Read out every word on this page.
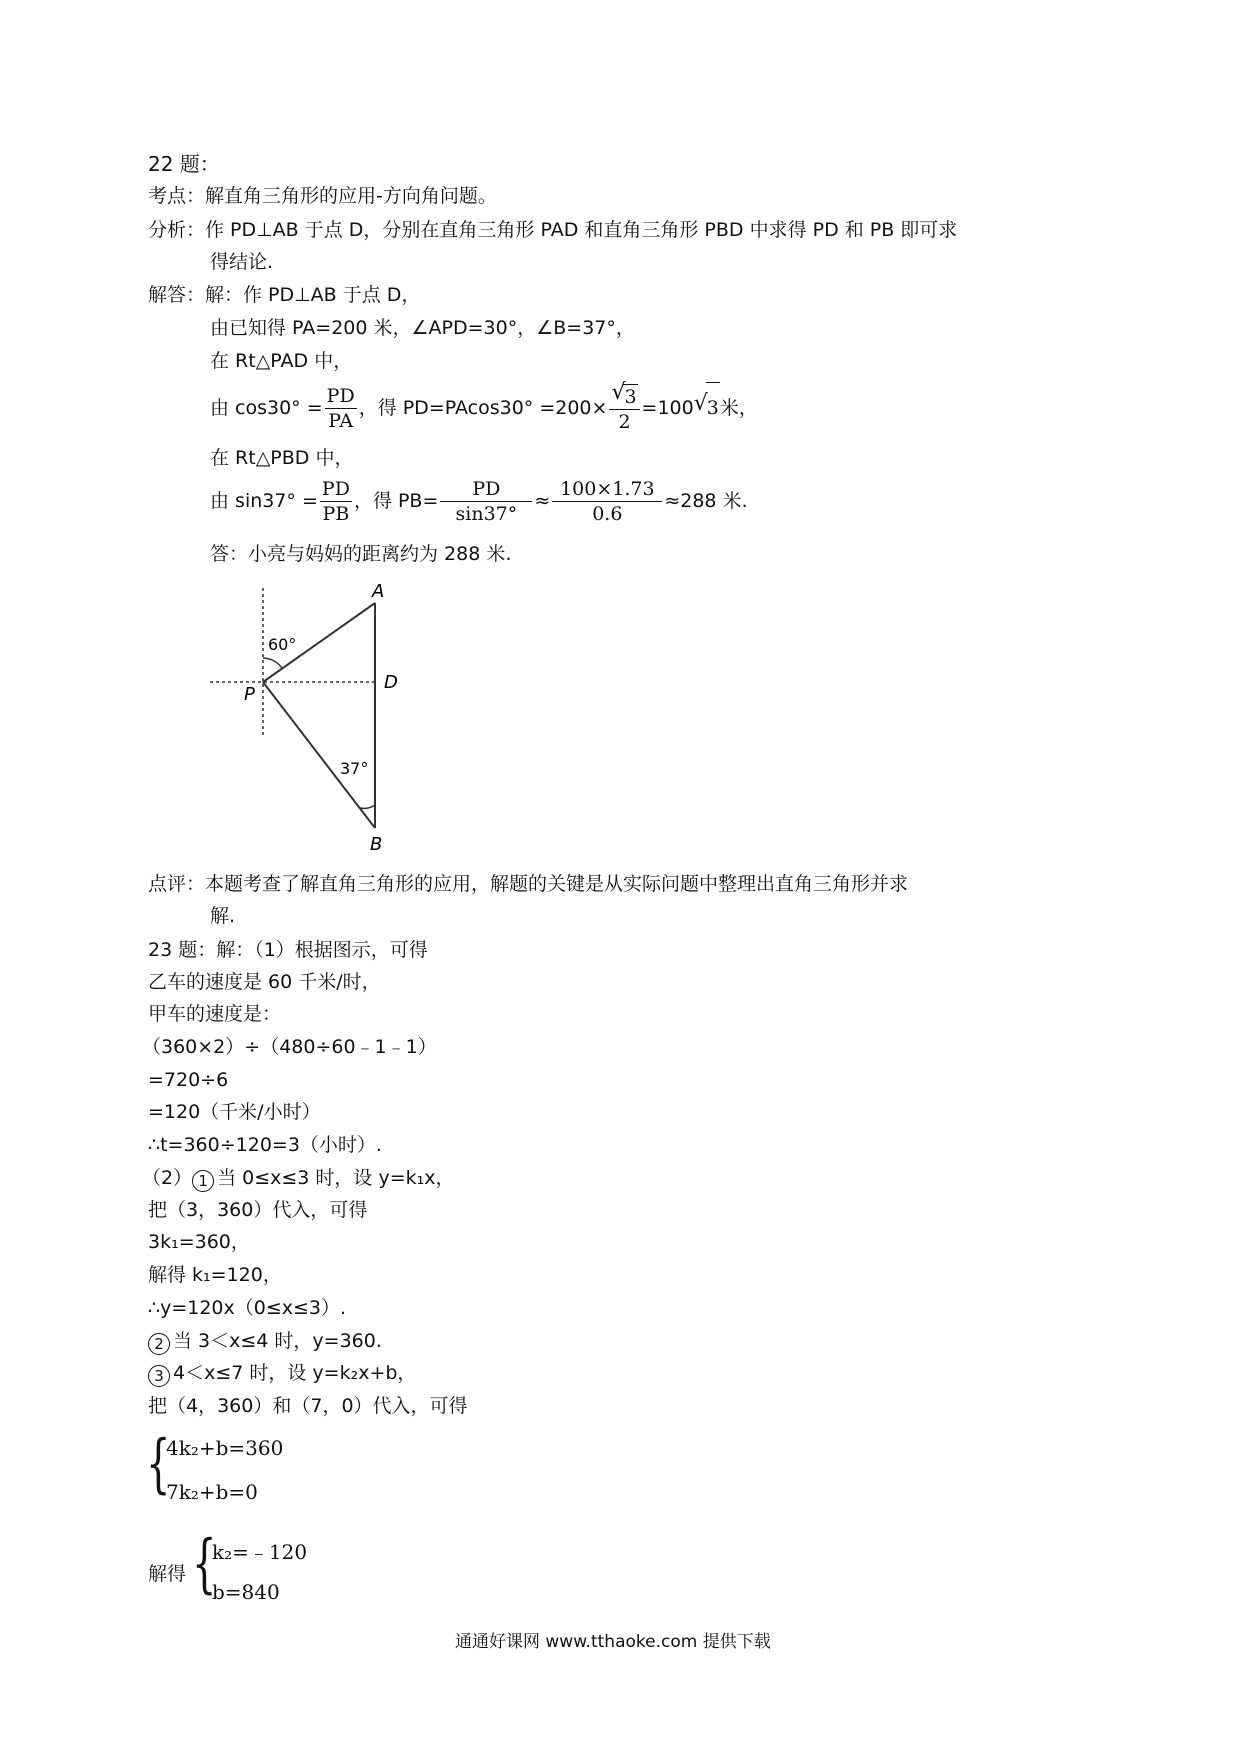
22 题：
考点：解直角三角形的应用-方向角问题。
分析：作 PD⊥AB 于点 D，分别在直角三角形 PAD 和直角三角形 PBD 中求得 PD 和 PB 即可求
得结论.
解答：解：作 PD⊥AB 于点 D，
由已知得 PA=200 米，∠APD=30°，∠B=37°，
在 Rt△PAD 中，
由 $\cos 30^\circ = \frac{PD}{PA}$ ，得 PD=PAcos30° =200× √
3
2 =100 √
3米，
在 Rt△PBD 中，
由 $\sin 37^\circ = \frac{PD}{PB}$ ，得 $PB= \frac{PD}{\sin 37^\circ} \approx \frac{100\times 1.73}{0.6} \approx 288$ 米.
答：小亮与妈妈的距离约为 288 米.
A
D
P
B
60°
37°
点评：本题考查了解直角三角形的应用，解题的关键是从实际问题中整理出直角三角形并求
解.
23 题：解：（1）根据图示，可得
乙车的速度是 60 千米/时，
甲车的速度是：
（360×2）÷（480÷60﹣1﹣1）
=720÷6
=120（千米/小时）
∴t=360÷120=3（小时）.
（2） 1 当 0≤x≤3 时，设 y=k₁x，
把（3，360）代入，可得
3k₁=360，
解得 k₁=120，
∴y=120x（0≤x≤3）.
2 当 3＜x≤4 时，y=360.
3 4＜x≤7 时，设 y=k₂x+b，
把（4，360）和（7，0）代入，可得
{
4k₂+b=360
7k₂+b=0
解得 {
k₂=﹣120
b=840
通通好课网 www.tthaoke.com 提供下载
